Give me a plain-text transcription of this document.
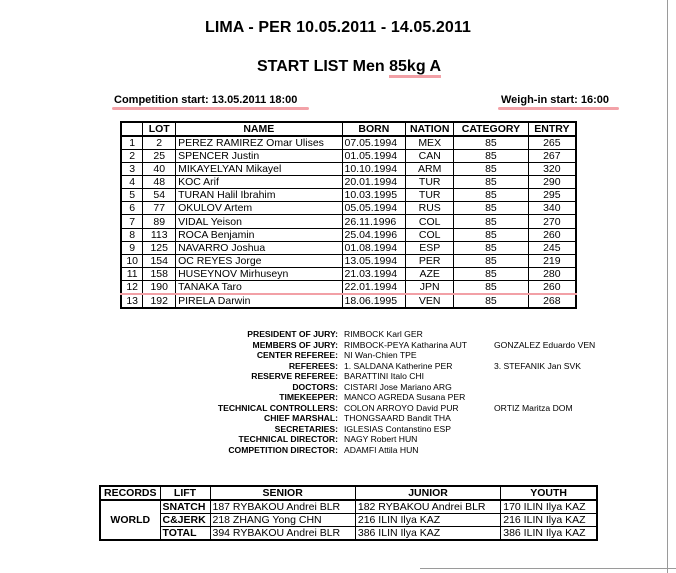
LIMA - PER 10.05.2011 - 14.05.2011
START LIST Men 85kg A
Competition start: 13.05.2011 18:00	Weigh-in start: 16:00
	LOT	NAME	BORN	NATION	CATEGORY	ENTRY
1	2	PEREZ RAMIREZ Omar Ulises	07.05.1994	MEX	85	265
2	25	SPENCER Justin	01.05.1994	CAN	85	267
3	40	MIKAYELYAN Mikayel	10.10.1994	ARM	85	320
4	48	KOC Arif	20.01.1994	TUR	85	290
5	54	TURAN Halil Ibrahim	10.03.1995	TUR	85	295
6	77	OKULOV Artem	05.05.1994	RUS	85	340
7	89	VIDAL Yeison	26.11.1996	COL	85	270
8	113	ROCA Benjamin	25.04.1996	COL	85	260
9	125	NAVARRO Joshua	01.08.1994	ESP	85	245
10	154	OC REYES Jorge	13.05.1994	PER	85	219
11	158	HUSEYNOV Mirhuseyn	21.03.1994	AZE	85	280
12	190	TANAKA Taro	22.01.1994	JPN	85	260
13	192	PIRELA Darwin	18.06.1995	VEN	85	268
PRESIDENT OF JURY: RIMBOCK Karl GER
MEMBERS OF JURY: RIMBOCK-PEYA Katharina AUT	GONZALEZ Eduardo VEN
CENTER REFEREE: NI Wan-Chien TPE
REFEREES: 1. SALDANA Katherine PER	3. STEFANIK Jan SVK
RESERVE REFEREE: BARATTINI Italo CHI
DOCTORS: CISTARI Jose Mariano ARG
TIMEKEEPER: MANCO AGREDA Susana PER
TECHNICAL CONTROLLERS: COLON ARROYO David PUR	ORTIZ Maritza DOM
CHIEF MARSHAL: THONGSAARD Bandit THA
SECRETARIES: IGLESIAS Contanstino ESP
TECHNICAL DIRECTOR: NAGY Robert HUN
COMPETITION DIRECTOR: ADAMFI Attila HUN
RECORDS	LIFT	SENIOR	JUNIOR	YOUTH
WORLD	SNATCH	187 RYBAKOU Andrei BLR	182 RYBAKOU Andrei BLR	170 ILIN Ilya KAZ
	C&JERK	218 ZHANG Yong CHN	216 ILIN Ilya KAZ	216 ILIN Ilya KAZ
	TOTAL	394 RYBAKOU Andrei BLR	386 ILIN Ilya KAZ	386 ILIN Ilya KAZ
